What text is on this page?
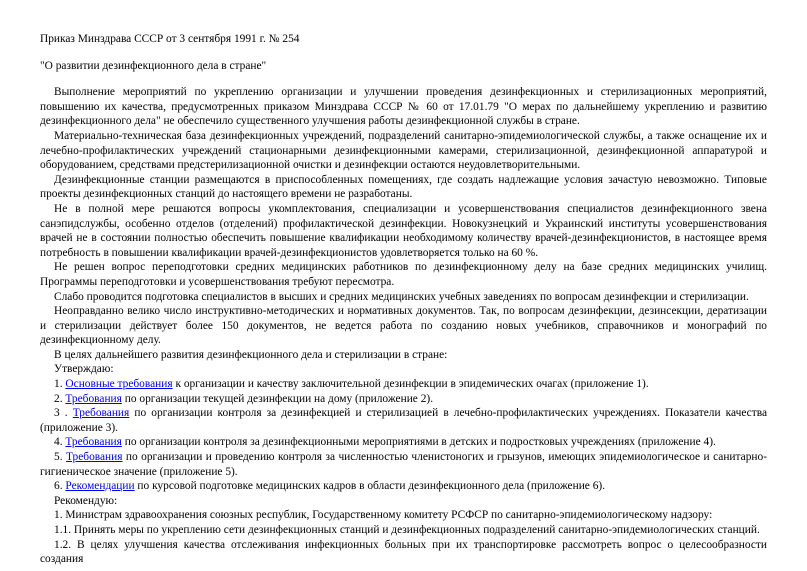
Приказ Минздрава СССР от 3 сентября 1991 г. № 254
"О развитии дезинфекционного дела в стране"

Выполнение мероприятий по укреплению организации и улучшении проведения дезинфекционных и стерилизационных мероприятий, повышению их качества, предусмотренных приказом Минздрава СССР № 60 от 17.01.79 "О мерах по дальнейшему укреплению и развитию дезинфекционного дела" не обеспечило существенного улучшения работы дезинфекционной службы в стране.

Материально-техническая база дезинфекционных учреждений, подразделений санитарно-эпидемиологической службы, а также оснащение их и лечебно-профилактических учреждений стационарными дезинфекционными камерами, стерилизационной, дезинфекционной аппаратурой и оборудованием, средствами предстерилизационной очистки и дезинфекции остаются неудовлетворительными.

Дезинфекционные станции размещаются в приспособленных помещениях, где создать надлежащие условия зачастую невозможно. Типовые проекты дезинфекционных станций до настоящего времени не разработаны.

Не в полной мере решаются вопросы укомплектования, специализации и усовершенствования специалистов дезинфекционного звена санэпидслужбы, особенно отделов (отделений) профилактической дезинфекции. Новокузнецкий и Украинский институты усовершенствования врачей не в состоянии полностью обеспечить повышение квалификации необходимому количеству врачей-дезинфекционистов, в настоящее время потребность в повышении квалификации врачей-дезинфекционистов удовлетворяется только на 60 %.

Не решен вопрос переподготовки средних медицинских работников по дезинфекционному делу на базе средних медицинских училищ. Программы переподготовки и усовершенствования требуют пересмотра.

Слабо проводится подготовка специалистов в высших и средних медицинских учебных заведениях по вопросам дезинфекции и стерилизации.

Неоправданно велико число инструктивно-методических и нормативных документов. Так, по вопросам дезинфекции, дезинсекции, дератизации и стерилизации действует более 150 документов, не ведется работа по созданию новых учебников, справочников и монографий по дезинфекционному делу.

В целях дальнейшего развития дезинфекционного дела и стерилизации в стране:

Утверждаю:

1. Основные требования к организации и качеству заключительной дезинфекции в эпидемических очагах (приложение 1).

2. Требования по организации текущей дезинфекции на дому (приложение 2).

3 . Требования по организации контроля за дезинфекцией и стерилизацией в лечебно-профилактических учреждениях. Показатели качества (приложение 3).

4. Требования по организации контроля за дезинфекционными мероприятиями в детских и подростковых учреждениях (приложение 4).

5. Требования по организации и проведению контроля за численностью членистоногих и грызунов, имеющих эпидемиологическое и санитарно-гигиеническое значение (приложение 5).

6. Рекомендации по курсовой подготовке медицинских кадров в области дезинфекционного дела (приложение 6).

Рекомендую:

1. Министрам здравоохранения союзных республик, Государственному комитету РСФСР по санитарно-эпидемиологическому надзору:

1.1. Принять меры по укреплению сети дезинфекционных станций и дезинфекционных подразделений санитарно-эпидемиологических станций.

1.2. В целях улучшения качества отслеживания инфекционных больных при их транспортировке рассмотреть вопрос о целесообразности создания
